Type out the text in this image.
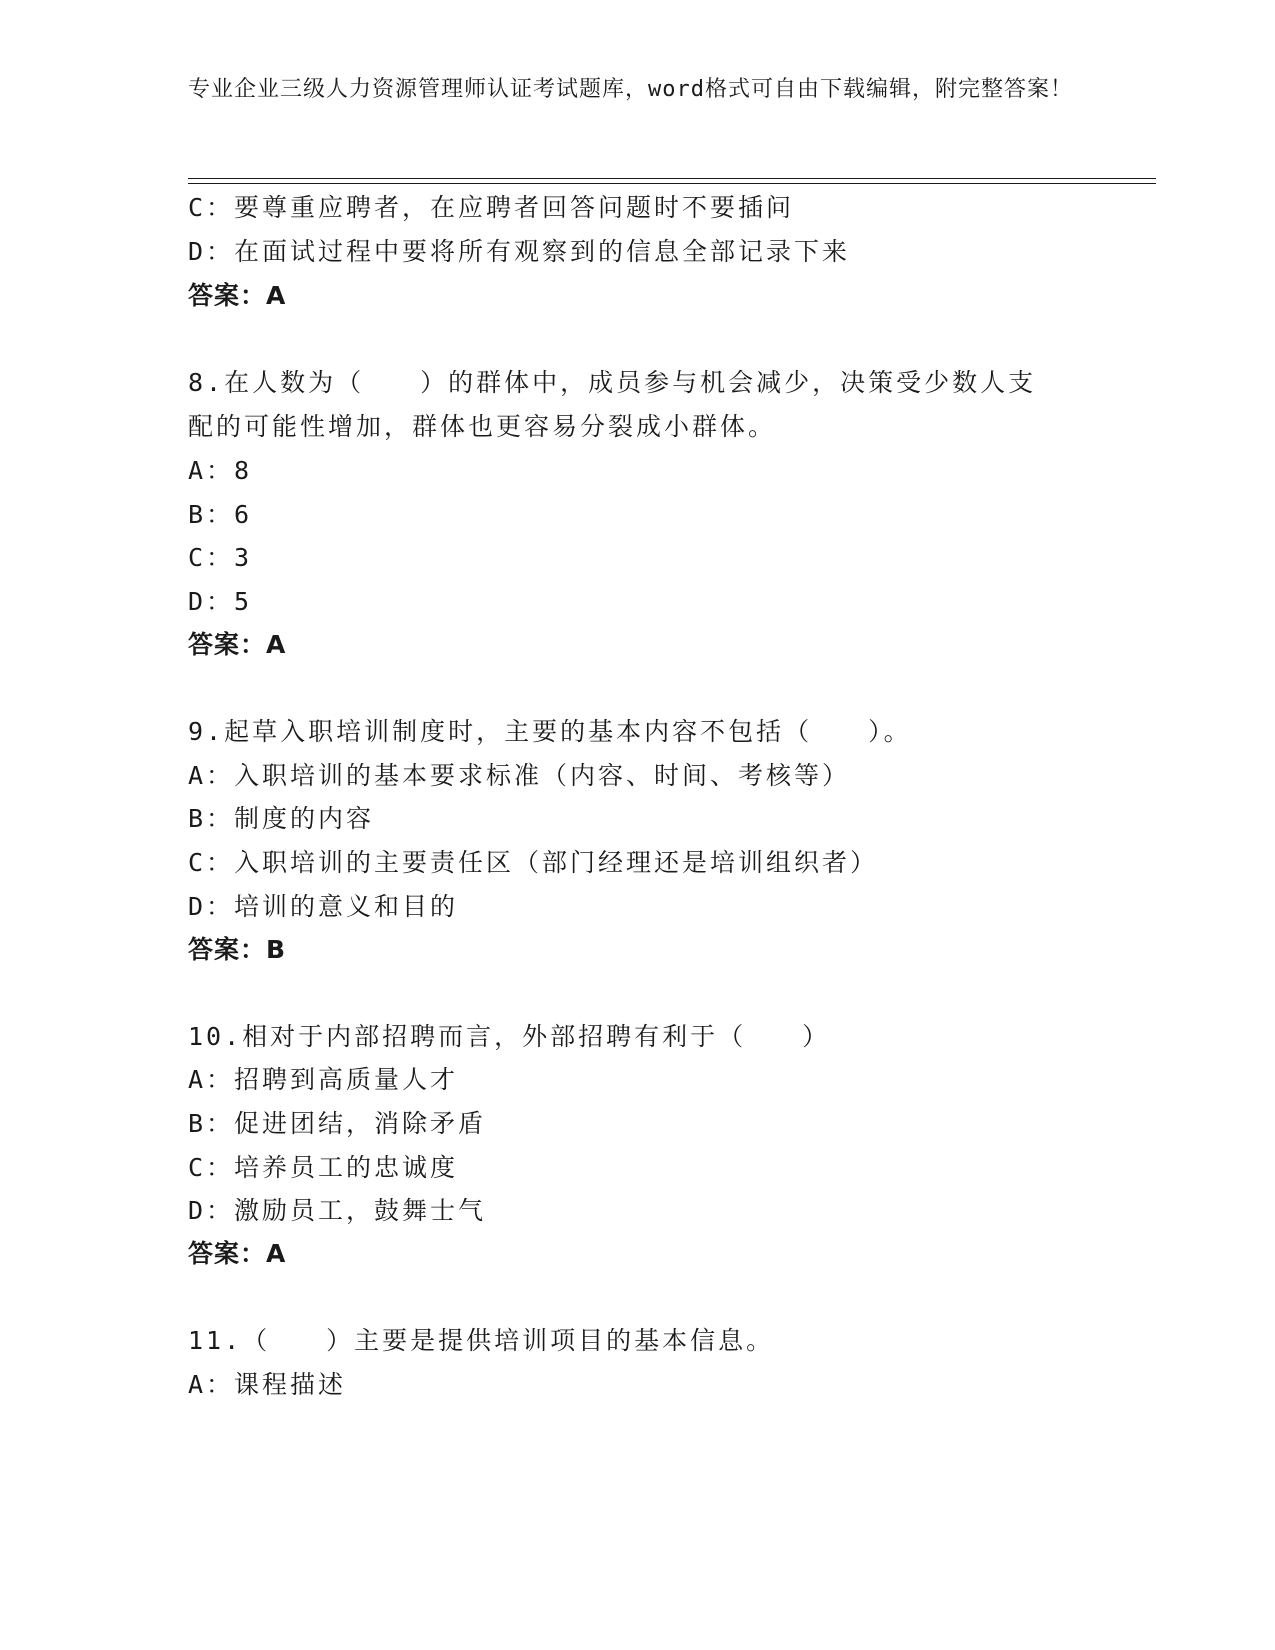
专业企业三级人力资源管理师认证考试题库，word格式可自由下载编辑，附完整答案！
C：要尊重应聘者，在应聘者回答问题时不要插问
D：在面试过程中要将所有观察到的信息全部记录下来
答案：A
8.在人数为（　　）的群体中，成员参与机会减少，决策受少数人支
配的可能性增加，群体也更容易分裂成小群体。
A：8
B：6
C：3
D：5
答案：A
9.起草入职培训制度时，主要的基本内容不包括（　　）。
A：入职培训的基本要求标准（内容、时间、考核等）
B：制度的内容
C：入职培训的主要责任区（部门经理还是培训组织者）
D：培训的意义和目的
答案：B
10.相对于内部招聘而言，外部招聘有利于（　　）
A：招聘到高质量人才
B：促进团结，消除矛盾
C：培养员工的忠诚度
D：激励员工，鼓舞士气
答案：A
11.（　　）主要是提供培训项目的基本信息。
A：课程描述
